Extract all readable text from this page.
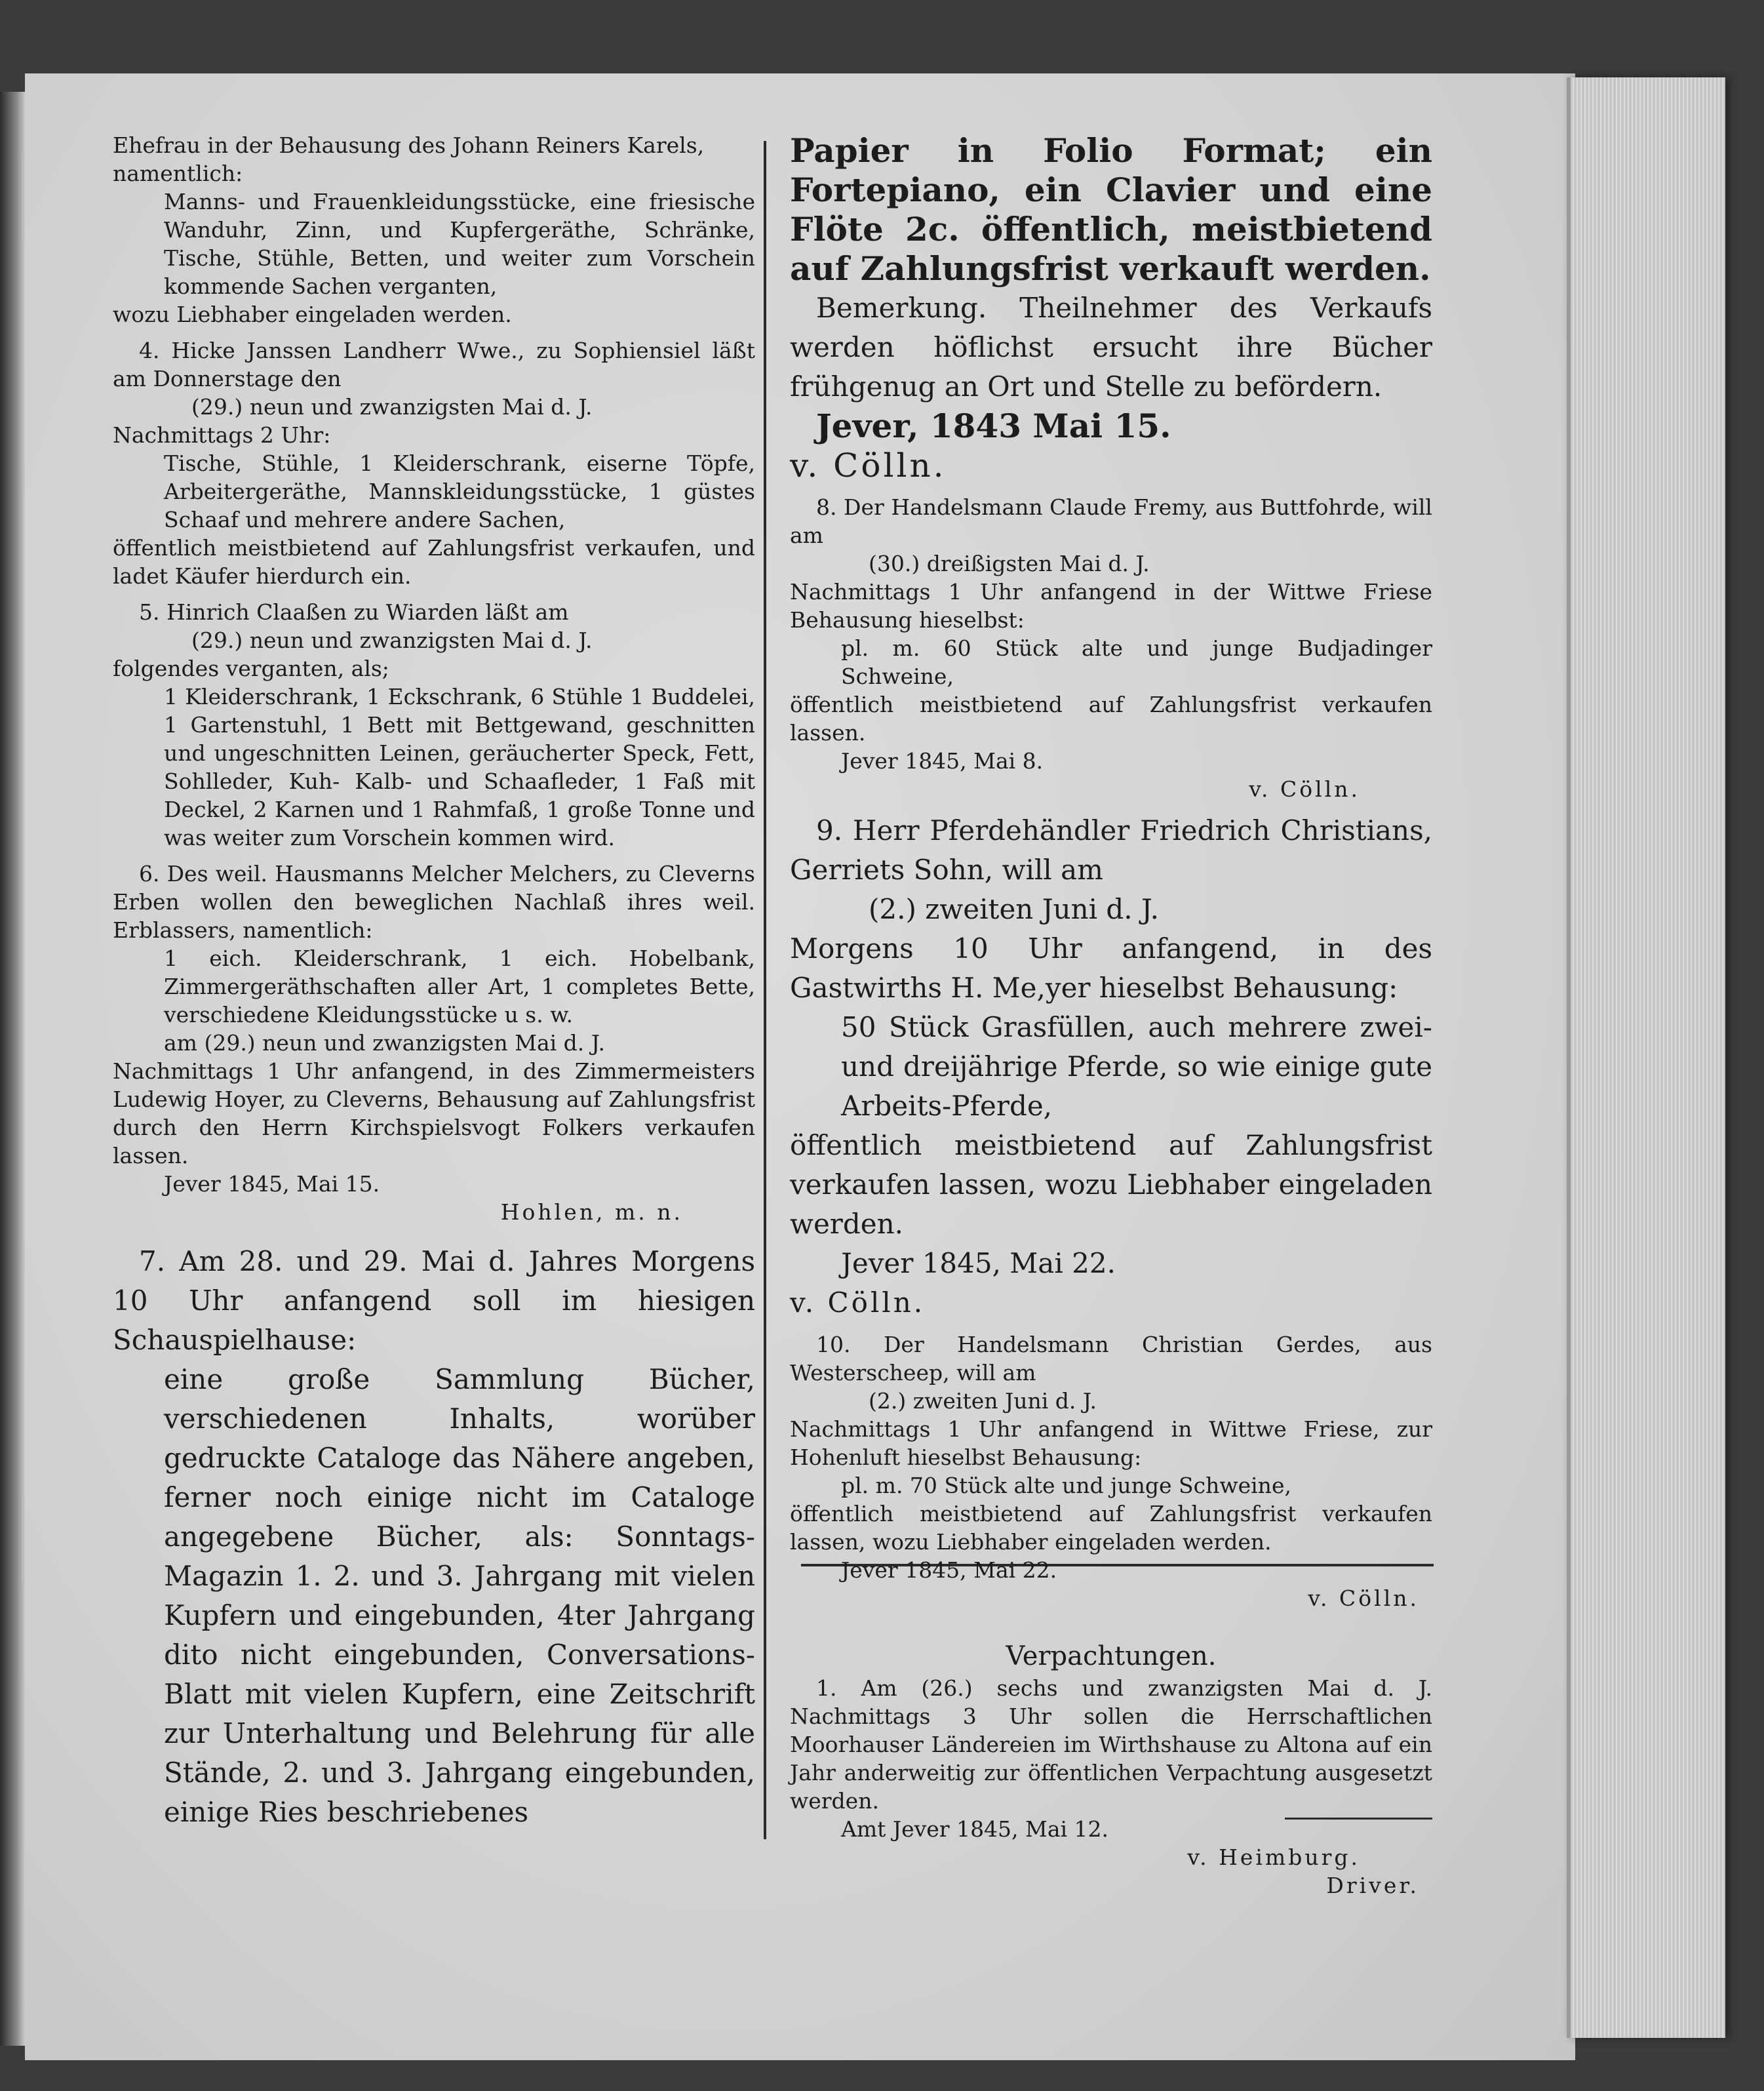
Ehefrau in der Behausung des Johann Reiners Karels,

namentlich:

Manns- und Frauenkleidungsstücke, eine friesische Wanduhr, Zinn, und Kupfergeräthe, Schränke, Tische, Stühle, Betten, und weiter zum Vorschein kommende Sachen verganten,

wozu Liebhaber eingeladen werden.

4. Hicke Janssen Landherr Wwe., zu Sophiensiel läßt am Donnerstage den

(29.) neun und zwanzigsten Mai d. J.

Nachmittags 2 Uhr:

Tische, Stühle, 1 Kleiderschrank, eiserne Töpfe, Arbeitergeräthe, Mannskleidungsstücke, 1 güstes Schaaf und mehrere andere Sachen,

öffentlich meistbietend auf Zahlungsfrist verkaufen, und ladet Käufer hierdurch ein.

5. Hinrich Claaßen zu Wiarden läßt am

(29.) neun und zwanzigsten Mai d. J.

folgendes verganten, als;

1 Kleiderschrank, 1 Eckschrank, 6 Stühle 1 Buddelei, 1 Gartenstuhl, 1 Bett mit Bettgewand, geschnitten und ungeschnitten Leinen, geräucherter Speck, Fett, Sohlleder, Kuh- Kalb- und Schaafleder, 1 Faß mit Deckel, 2 Karnen und 1 Rahmfaß, 1 große Tonne und was weiter zum Vorschein kommen wird.

6. Des weil. Hausmanns Melcher Melchers, zu Cleverns Erben wollen den beweglichen Nachlaß ihres weil. Erblassers, namentlich:

1 eich. Kleiderschrank, 1 eich. Hobelbank, Zimmergeräthschaften aller Art, 1 completes Bette, verschiedene Kleidungsstücke u s. w.

am (29.) neun und zwanzigsten Mai d. J.

Nachmittags 1 Uhr anfangend, in des Zimmermeisters Ludewig Hoyer, zu Cleverns, Behausung auf Zahlungsfrist durch den Herrn Kirchspielsvogt Folkers verkaufen lassen.

Jever 1845, Mai 15.

Hohlen, m. n.

7. Am 28. und 29. Mai d. Jahres Morgens 10 Uhr anfangend soll im hiesigen Schauspielhause:

eine große Sammlung Bücher, verschiedenen Inhalts, worüber gedruckte Cataloge das Nähere angeben, ferner noch einige nicht im Cataloge angegebene Bücher, als: Sonntags-Magazin 1. 2. und 3. Jahrgang mit vielen Kupfern und eingebunden, 4ter Jahrgang dito nicht eingebunden, Conversations-Blatt mit vielen Kupfern, eine Zeitschrift zur Unterhaltung und Belehrung für alle Stände, 2. und 3. Jahrgang eingebunden, einige Ries beschriebenes

Papier in Folio Format; ein Fortepiano, ein Clavier und eine Flöte 2c. öffentlich, meistbietend auf Zahlungsfrist verkauft werden.

Bemerkung. Theilnehmer des Verkaufs werden höflichst ersucht ihre Bücher frühgenug an Ort und Stelle zu befördern.

Jever, 1843 Mai 15.

v. Cölln.

8. Der Handelsmann Claude Fremy, aus Buttfohrde, will am

(30.) dreißigsten Mai d. J.

Nachmittags 1 Uhr anfangend in der Wittwe Friese Behausung hieselbst:

pl. m. 60 Stück alte und junge Budjadinger Schweine,

öffentlich meistbietend auf Zahlungsfrist verkaufen lassen.

Jever 1845, Mai 8.

v. Cölln.

9. Herr Pferdehändler Friedrich Christians, Gerriets Sohn, will am

(2.) zweiten Juni d. J.

Morgens 10 Uhr anfangend, in des Gastwirths H. Me,yer hieselbst Behausung:

50 Stück Grasfüllen, auch mehrere zwei- und dreijährige Pferde, so wie einige gute Arbeits-Pferde,

öffentlich meistbietend auf Zahlungsfrist verkaufen lassen, wozu Liebhaber eingeladen werden.

Jever 1845, Mai 22.

v. Cölln.

10. Der Handelsmann Christian Gerdes, aus Westerscheep, will am

(2.) zweiten Juni d. J.

Nachmittags 1 Uhr anfangend in Wittwe Friese, zur Hohenluft hieselbst Behausung:

pl. m. 70 Stück alte und junge Schweine,

öffentlich meistbietend auf Zahlungsfrist verkaufen lassen, wozu Liebhaber eingeladen werden.

Jever 1845, Mai 22.

v. Cölln.

Verpachtungen.

1. Am (26.) sechs und zwanzigsten Mai d. J. Nachmittags 3 Uhr sollen die Herrschaftlichen Moorhauser Ländereien im Wirthshause zu Altona auf ein Jahr anderweitig zur öffentlichen Verpachtung ausgesetzt werden.

Amt Jever 1845, Mai 12.

v. Heimburg.

Driver.
